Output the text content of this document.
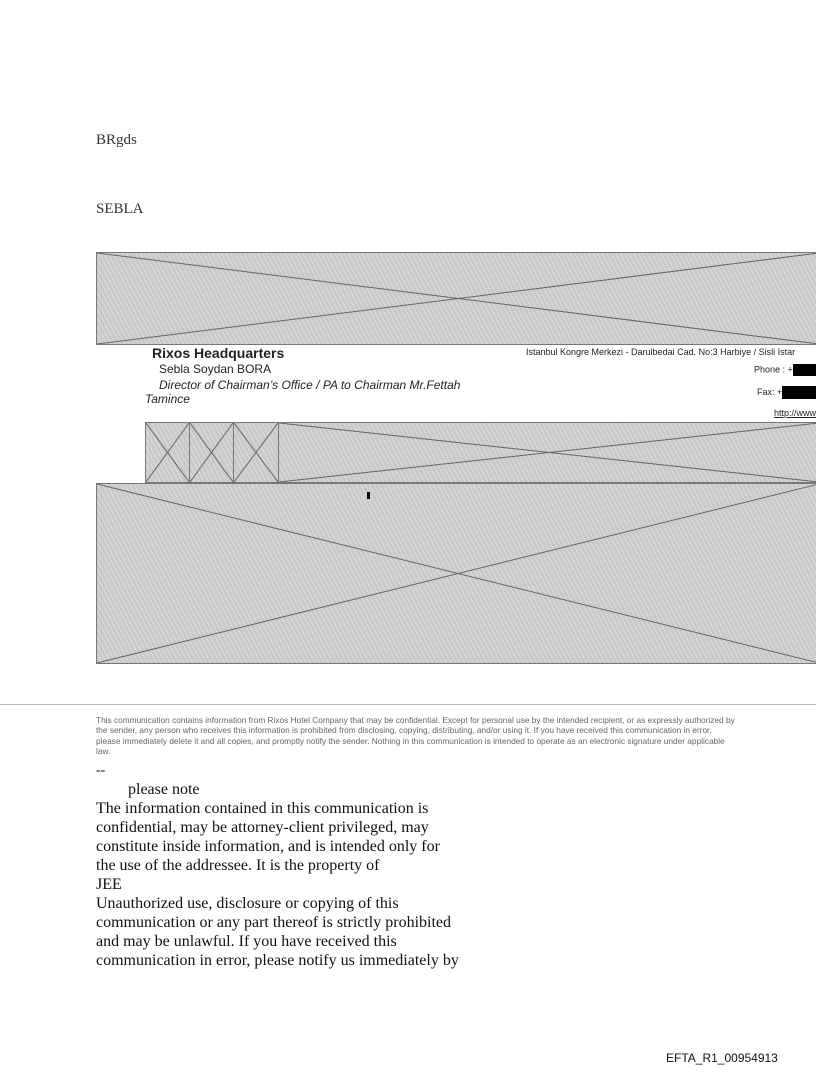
BRgds
SEBLA
Rixos Headquarters
Sebla Soydan BORA
Director of Chairman’s Office / PA to Chairman Mr.Fettah
Tamince
Istanbul Kongre Merkezi - Darulbedai Cad. No:3 Harbiye / Sisli Istar
Phone : +
Fax: +
http://www
This communication contains information from Rixos Hotel Company that may be confidential. Except for personal use by the intended recipient, or as expressly authorized by the sender, any person who receives this information is prohibited from disclosing, copying, distributing, and/or using it. If you have received this communication in error, please immediately delete it and all copies, and promptly notify the sender. Nothing in this communication is intended to operate as an electronic signature under applicable law.
--
please note
The information contained in this communication is
confidential, may be attorney-client privileged, may
constitute inside information, and is intended only for
the use of the addressee. It is the property of
JEE
Unauthorized use, disclosure or copying of this
communication or any part thereof is strictly prohibited
and may be unlawful. If you have received this
communication in error, please notify us immediately by
EFTA_R1_00954913
